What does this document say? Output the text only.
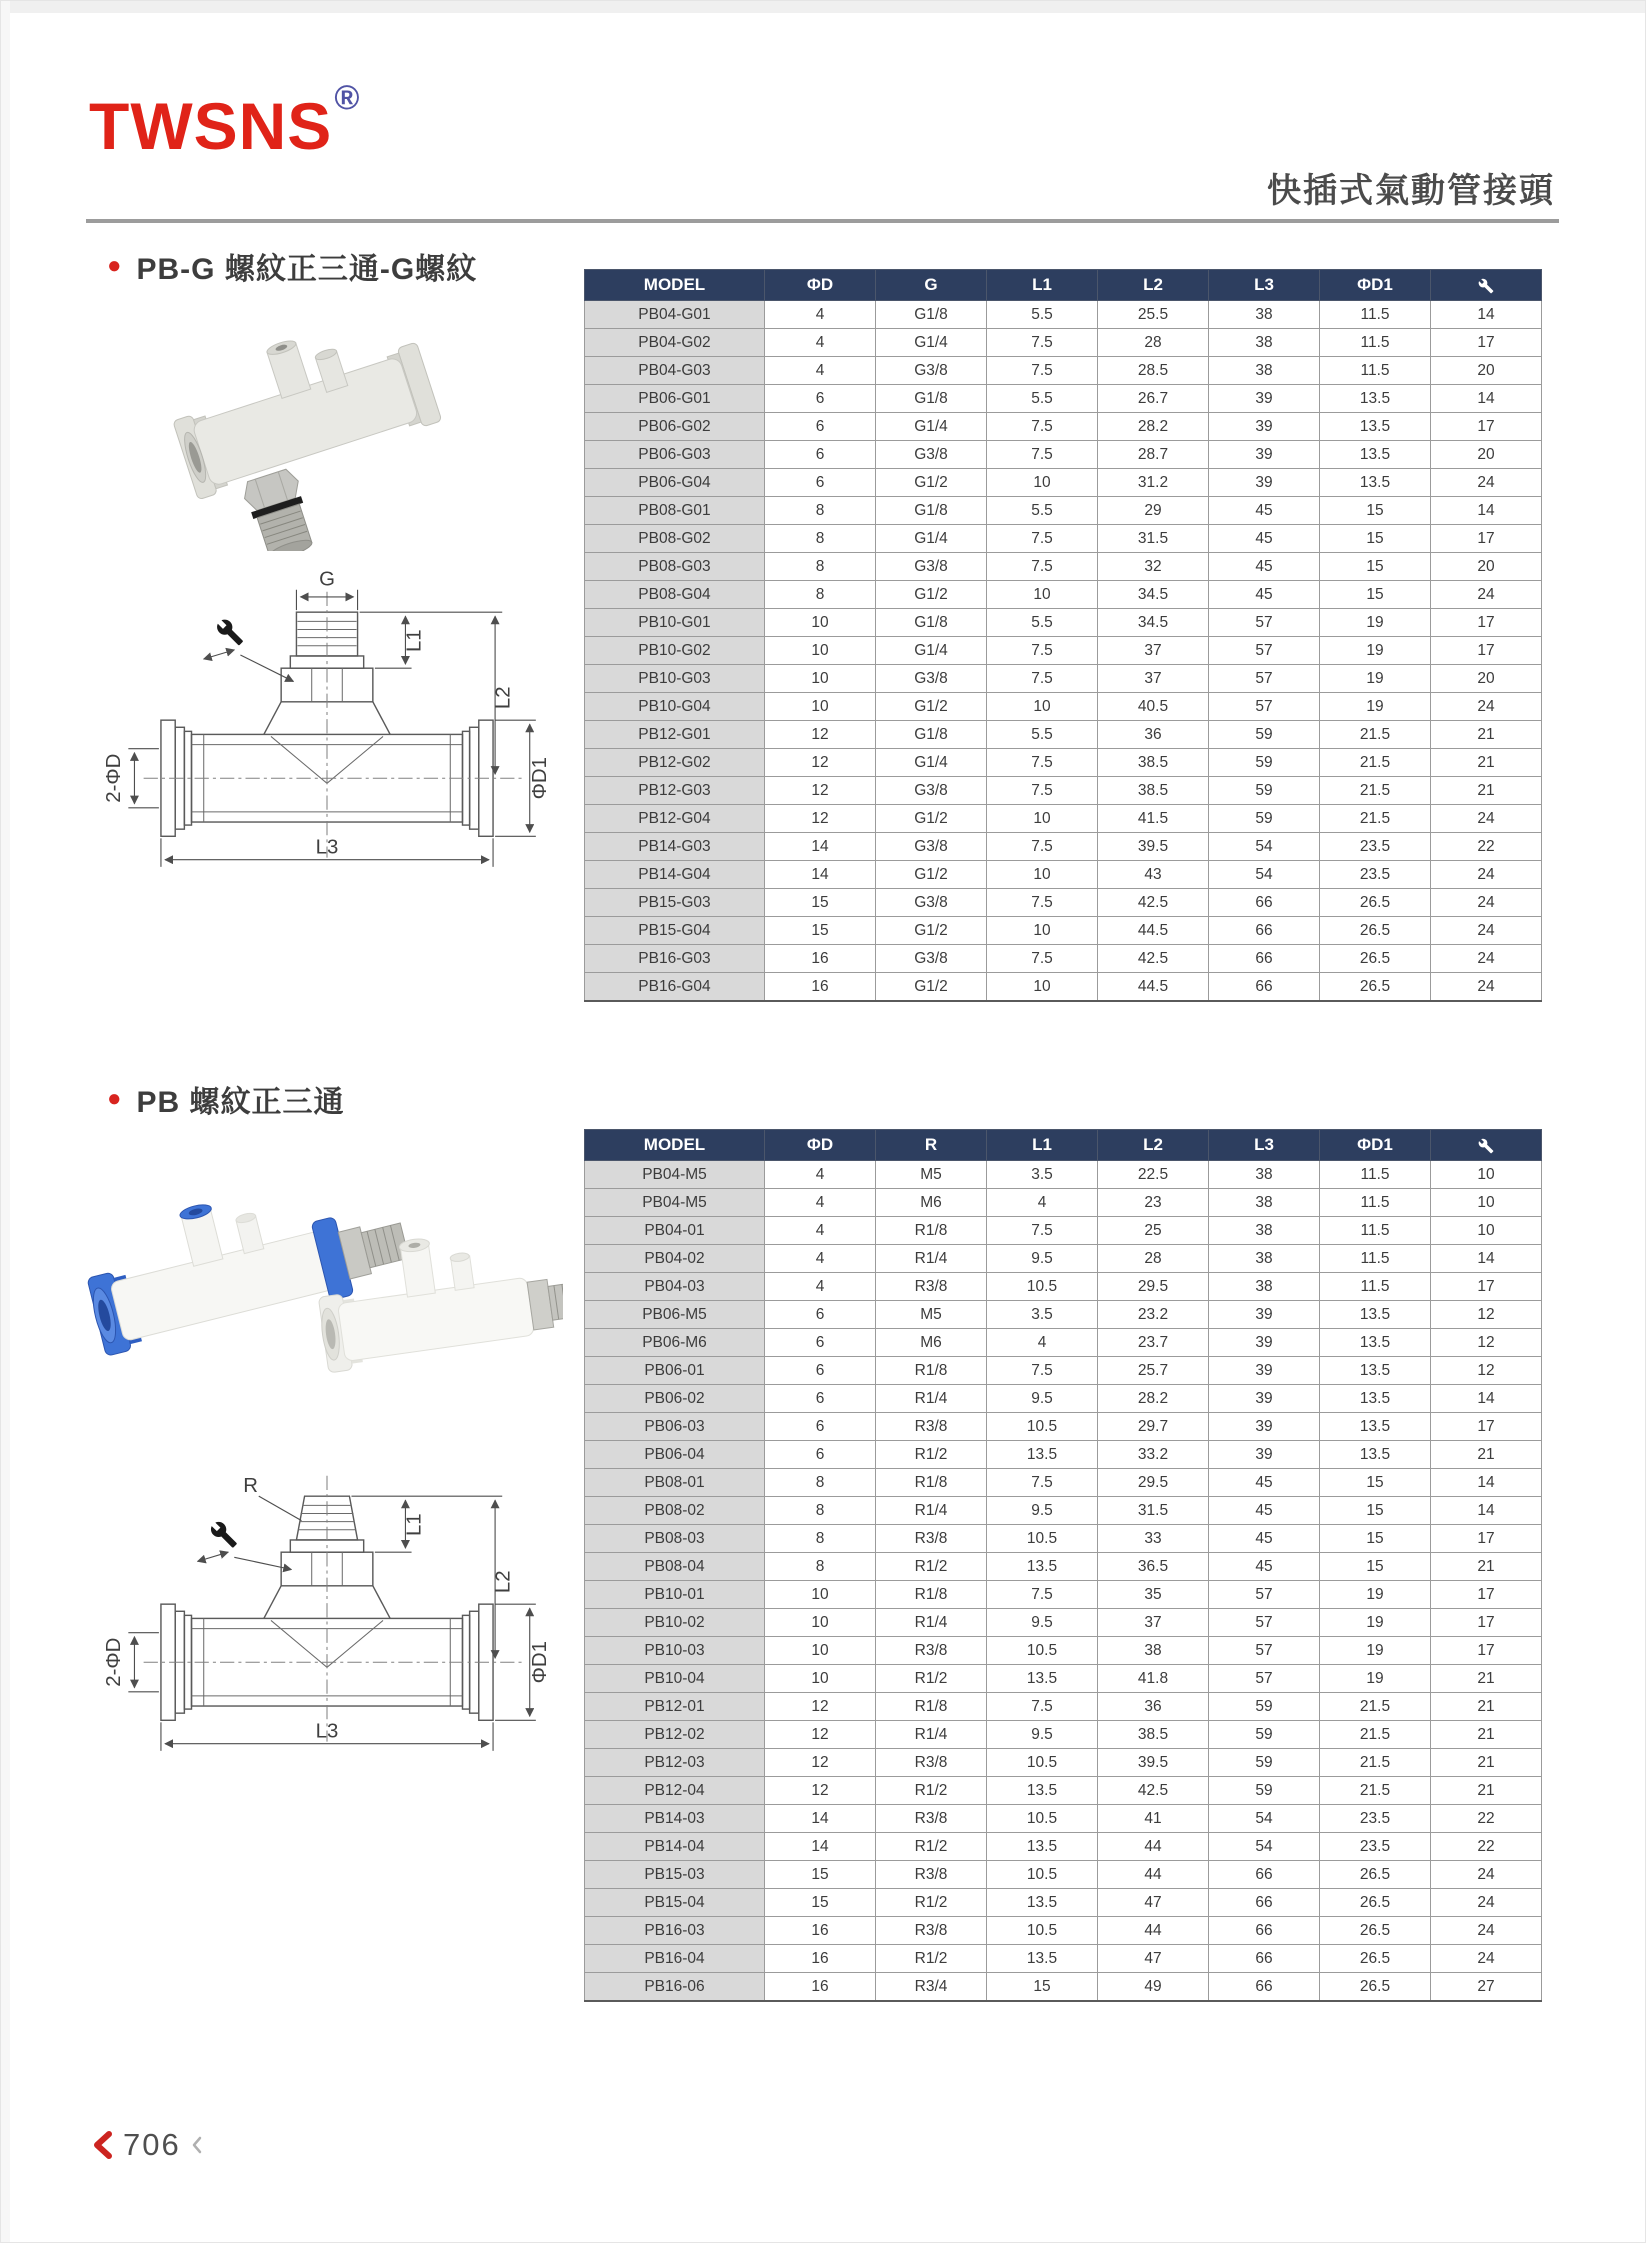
TWSNS®
快插式氣動管接頭
● PB-G 螺紋正三通-G螺紋
G
L1
L2
ΦD1
2-ΦD
L3
MODEL	ΦD	G	L1	L2	L3	ΦD1	
PB04-G01	4	G1/8	5.5	25.5	38	11.5	14
PB04-G02	4	G1/4	7.5	28	38	11.5	17
PB04-G03	4	G3/8	7.5	28.5	38	11.5	20
PB06-G01	6	G1/8	5.5	26.7	39	13.5	14
PB06-G02	6	G1/4	7.5	28.2	39	13.5	17
PB06-G03	6	G3/8	7.5	28.7	39	13.5	20
PB06-G04	6	G1/2	10	31.2	39	13.5	24
PB08-G01	8	G1/8	5.5	29	45	15	14
PB08-G02	8	G1/4	7.5	31.5	45	15	17
PB08-G03	8	G3/8	7.5	32	45	15	20
PB08-G04	8	G1/2	10	34.5	45	15	24
PB10-G01	10	G1/8	5.5	34.5	57	19	17
PB10-G02	10	G1/4	7.5	37	57	19	17
PB10-G03	10	G3/8	7.5	37	57	19	20
PB10-G04	10	G1/2	10	40.5	57	19	24
PB12-G01	12	G1/8	5.5	36	59	21.5	21
PB12-G02	12	G1/4	7.5	38.5	59	21.5	21
PB12-G03	12	G3/8	7.5	38.5	59	21.5	21
PB12-G04	12	G1/2	10	41.5	59	21.5	24
PB14-G03	14	G3/8	7.5	39.5	54	23.5	22
PB14-G04	14	G1/2	10	43	54	23.5	24
PB15-G03	15	G3/8	7.5	42.5	66	26.5	24
PB15-G04	15	G1/2	10	44.5	66	26.5	24
PB16-G03	16	G3/8	7.5	42.5	66	26.5	24
PB16-G04	16	G1/2	10	44.5	66	26.5	24
● PB 螺紋正三通
R
L1
L2
ΦD1
2-ΦD
L3
MODEL	ΦD	R	L1	L2	L3	ΦD1	
PB04-M5	4	M5	3.5	22.5	38	11.5	10
PB04-M5	4	M6	4	23	38	11.5	10
PB04-01	4	R1/8	7.5	25	38	11.5	10
PB04-02	4	R1/4	9.5	28	38	11.5	14
PB04-03	4	R3/8	10.5	29.5	38	11.5	17
PB06-M5	6	M5	3.5	23.2	39	13.5	12
PB06-M6	6	M6	4	23.7	39	13.5	12
PB06-01	6	R1/8	7.5	25.7	39	13.5	12
PB06-02	6	R1/4	9.5	28.2	39	13.5	14
PB06-03	6	R3/8	10.5	29.7	39	13.5	17
PB06-04	6	R1/2	13.5	33.2	39	13.5	21
PB08-01	8	R1/8	7.5	29.5	45	15	14
PB08-02	8	R1/4	9.5	31.5	45	15	14
PB08-03	8	R3/8	10.5	33	45	15	17
PB08-04	8	R1/2	13.5	36.5	45	15	21
PB10-01	10	R1/8	7.5	35	57	19	17
PB10-02	10	R1/4	9.5	37	57	19	17
PB10-03	10	R3/8	10.5	38	57	19	17
PB10-04	10	R1/2	13.5	41.8	57	19	21
PB12-01	12	R1/8	7.5	36	59	21.5	21
PB12-02	12	R1/4	9.5	38.5	59	21.5	21
PB12-03	12	R3/8	10.5	39.5	59	21.5	21
PB12-04	12	R1/2	13.5	42.5	59	21.5	21
PB14-03	14	R3/8	10.5	41	54	23.5	22
PB14-04	14	R1/2	13.5	44	54	23.5	22
PB15-03	15	R3/8	10.5	44	66	26.5	24
PB15-04	15	R1/2	13.5	47	66	26.5	24
PB16-03	16	R3/8	10.5	44	66	26.5	24
PB16-04	16	R1/2	13.5	47	66	26.5	24
PB16-06	16	R3/4	15	49	66	26.5	27
706
